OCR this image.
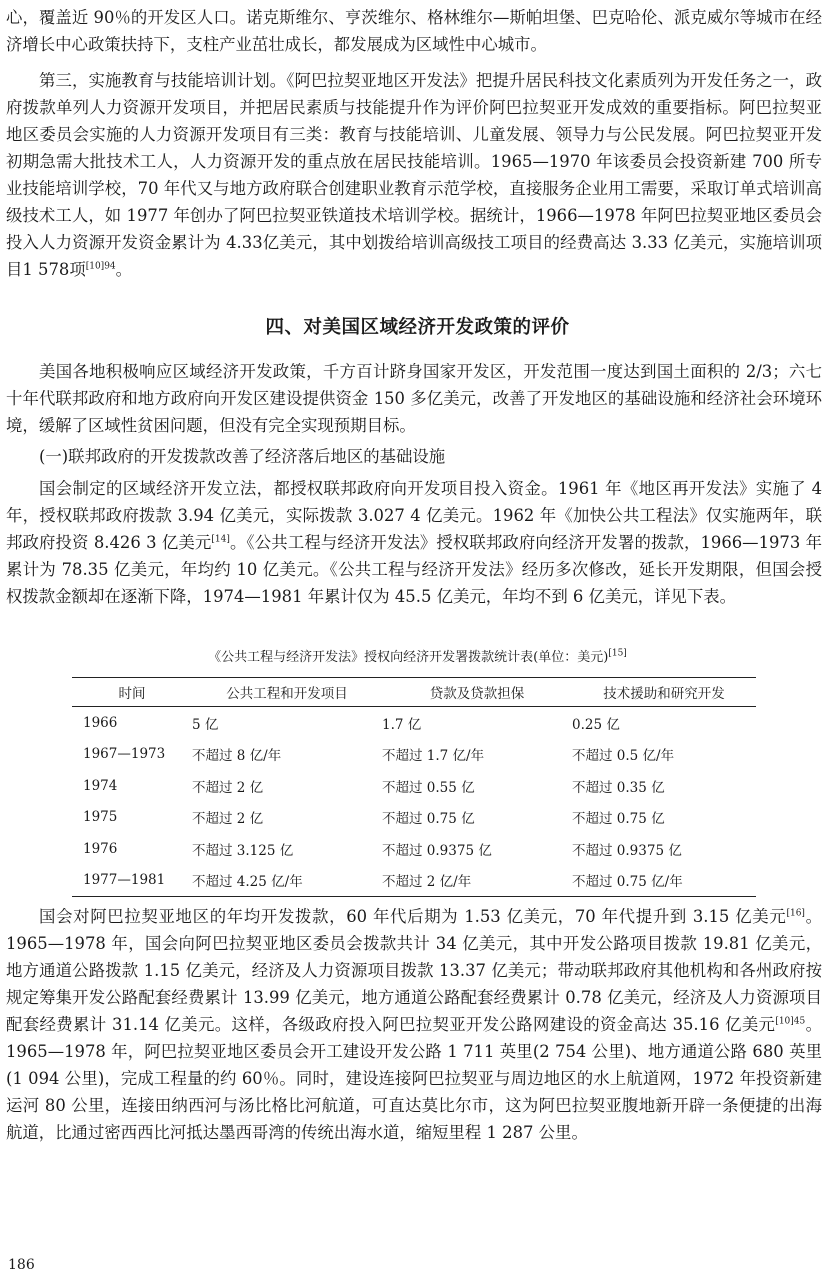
心，覆盖近 90％的开发区人口。诺克斯维尔、亨茨维尔、格林维尔—斯帕坦堡、巴克哈伦、派克威尔等城市在经济增长中心政策扶持下，支柱产业茁壮成长，都发展成为区域性中心城市。

第三，实施教育与技能培训计划。《阿巴拉契亚地区开发法》把提升居民科技文化素质列为开发任务之一，政府拨款单列人力资源开发项目，并把居民素质与技能提升作为评价阿巴拉契亚开发成效的重要指标。阿巴拉契亚地区委员会实施的人力资源开发项目有三类：教育与技能培训、儿童发展、领导力与公民发展。阿巴拉契亚开发初期急需大批技术工人，人力资源开发的重点放在居民技能培训。1965—1970 年该委员会投资新建 700 所专业技能培训学校，70 年代又与地方政府联合创建职业教育示范学校，直接服务企业用工需要，采取订单式培训高级技术工人，如 1977 年创办了阿巴拉契亚铁道技术培训学校。据统计，1966—1978 年阿巴拉契亚地区委员会投入人力资源开发资金累计为 4.33亿美元，其中划拨给培训高级技工项目的经费高达 3.33 亿美元，实施培训项目1 578项$^{[10]94}$。

四、对美国区域经济开发政策的评价

美国各地积极响应区域经济开发政策，千方百计跻身国家开发区，开发范围一度达到国土面积的 2/3；六七十年代联邦政府和地方政府向开发区建设提供资金 150 多亿美元，改善了开发地区的基础设施和经济社会环境环境，缓解了区域性贫困问题，但没有完全实现预期目标。

(一)联邦政府的开发拨款改善了经济落后地区的基础设施

国会制定的区域经济开发立法，都授权联邦政府向开发项目投入资金。1961 年《地区再开发法》实施了 4 年，授权联邦政府拨款 3.94 亿美元，实际拨款 3.027 4 亿美元。1962 年《加快公共工程法》仅实施两年，联邦政府投资 8.426 3 亿美元[14]。《公共工程与经济开发法》授权联邦政府向经济开发署的拨款，1966—1973 年累计为 78.35 亿美元，年均约 10 亿美元。《公共工程与经济开发法》经历多次修改，延长开发期限，但国会授权拨款金额却在逐渐下降，1974—1981 年累计仅为 45.5 亿美元，年均不到 6 亿美元，详见下表。

《公共工程与经济开发法》授权向经济开发署拨款统计表(单位：美元)[15]

时间	公共工程和开发项目	贷款及贷款担保	技术援助和研究开发
1966	5 亿	1.7 亿	0.25 亿
1967—1973	不超过 8 亿/年	不超过 1.7 亿/年	不超过 0.5 亿/年
1974	不超过 2 亿	不超过 0.55 亿	不超过 0.35 亿
1975	不超过 2 亿	不超过 0.75 亿	不超过 0.75 亿
1976	不超过 3.125 亿	不超过 0.9375 亿	不超过 0.9375 亿
1977—1981	不超过 4.25 亿/年	不超过 2 亿/年	不超过 0.75 亿/年

国会对阿巴拉契亚地区的年均开发拨款，60 年代后期为 1.53 亿美元，70 年代提升到 3.15 亿美元[16]。1965—1978 年，国会向阿巴拉契亚地区委员会拨款共计 34 亿美元，其中开发公路项目拨款 19.81 亿美元，地方通道公路拨款 1.15 亿美元，经济及人力资源项目拨款 13.37 亿美元；带动联邦政府其他机构和各州政府按规定筹集开发公路配套经费累计 13.99 亿美元，地方通道公路配套经费累计 0.78 亿美元，经济及人力资源项目配套经费累计 31.14 亿美元。这样，各级政府投入阿巴拉契亚开发公路网建设的资金高达 35.16 亿美元$^{[10]45}$。1965—1978 年，阿巴拉契亚地区委员会开工建设开发公路 1 711 英里(2 754 公里)、地方通道公路 680 英里(1 094 公里)，完成工程量的约 60％。同时，建设连接阿巴拉契亚与周边地区的水上航道网，1972 年投资新建运河 80 公里，连接田纳西河与汤比格比河航道，可直达莫比尔市，这为阿巴拉契亚腹地新开辟一条便捷的出海航道，比通过密西西比河抵达墨西哥湾的传统出海水道，缩短里程 1 287 公里。

186
